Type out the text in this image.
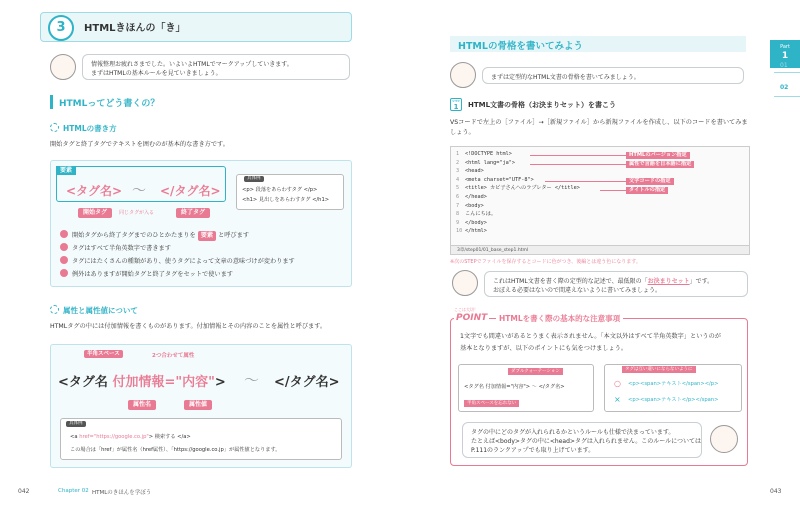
3	HTMLきほんの「き」
情報整理お疲れさまでした。いよいよHTMLでマークアップしていきます。
まずはHTMLの基本ルールを見ていきましょう。
HTMLってどう書くの？
HTMLの書き方
開始タグと終了タグでテキストを囲むのが基本的な書き方です。
要素
<タグ名> 〜 </タグ名>
開始タグ	同じタグが入る	終了タグ
具体例
<p> 段落をあらわすタグ </p>
<h1> 見出しをあらわすタグ </h1>
開始タグから終了タグまでのひとかたまりを 要素 と呼びます
タグはすべて半角英数字で書きます
タグにはたくさんの種類があり、使うタグによって文章の意味づけが変わります
例外はありますが開始タグと終了タグをセットで使います
属性と属性値について
HTMLタグの中には付加情報を書くものがあります。付加情報とその内容のことを属性と呼びます。
半角スペース	2つ合わせて属性
<タグ名 付加情報="内容"> 〜 </タグ名>
属性名	属性値
具体例
<a href="https://google.co.jp"> 検索する </a>
この場合は「href」が属性名（href属性）、「https://google.co.jp」が属性値となります。
042	Chapter 02 HTMLのきほんを学ぼう
HTMLの骨格を書いてみよう
まずは定型的なHTML文書の骨格を書いてみましょう。
STEP
1	HTML文書の骨格（お決まりセット）を書こう
VSコードで左上の［ファイル］→［新規ファイル］から新規ファイルを作成し、以下のコードを書いてみましょう。
1 <!DOCTYPE html>
2 <html lang="ja">
3 <head>
4 <meta charset="UTF-8">
5 <title> カピ子さんへのラブレター </title>
6 </head>
7 <body>
8 こんにちは。
9 </body>
10 </html>
HTMLのバージョン指定
属性で言語を日本語に指定
文字コードの指定
タイトルの指定
3章/step01/01_base_step1.html
※次のSTEPでファイルを保存するとコードに色がつき、後編とは違う色になります。
これはHTML文書を書く際の定型的な記述で、最低限の「お決まりセット」です。
おぼえる必要はないので間違えないように書いてみましょう。
ここは大切！
POINT	HTMLを書く際の基本的な注意事項
1文字でも間違いがあるとうまく表示されません。「本文以外はすべて半角英数字」というのが
基本となりますが、以下のポイントにも気をつけましょう。
ダブルクォーテーション
<タグ名 付加情報="内容"> 〜 </タグ名>
半角スペースを忘れない
タグは互い違いにならないように
○ <p><span>テキスト</span></p>
× <p><span>テキスト</p></span>
タグの中にどのタグが入れられるかというルールも仕様で決まっています。
たとえば<body>タグの中に<head>タグは入れられません。このルールについては
P.111のランクアップでも取り上げています。
Part
1
01
02
043
